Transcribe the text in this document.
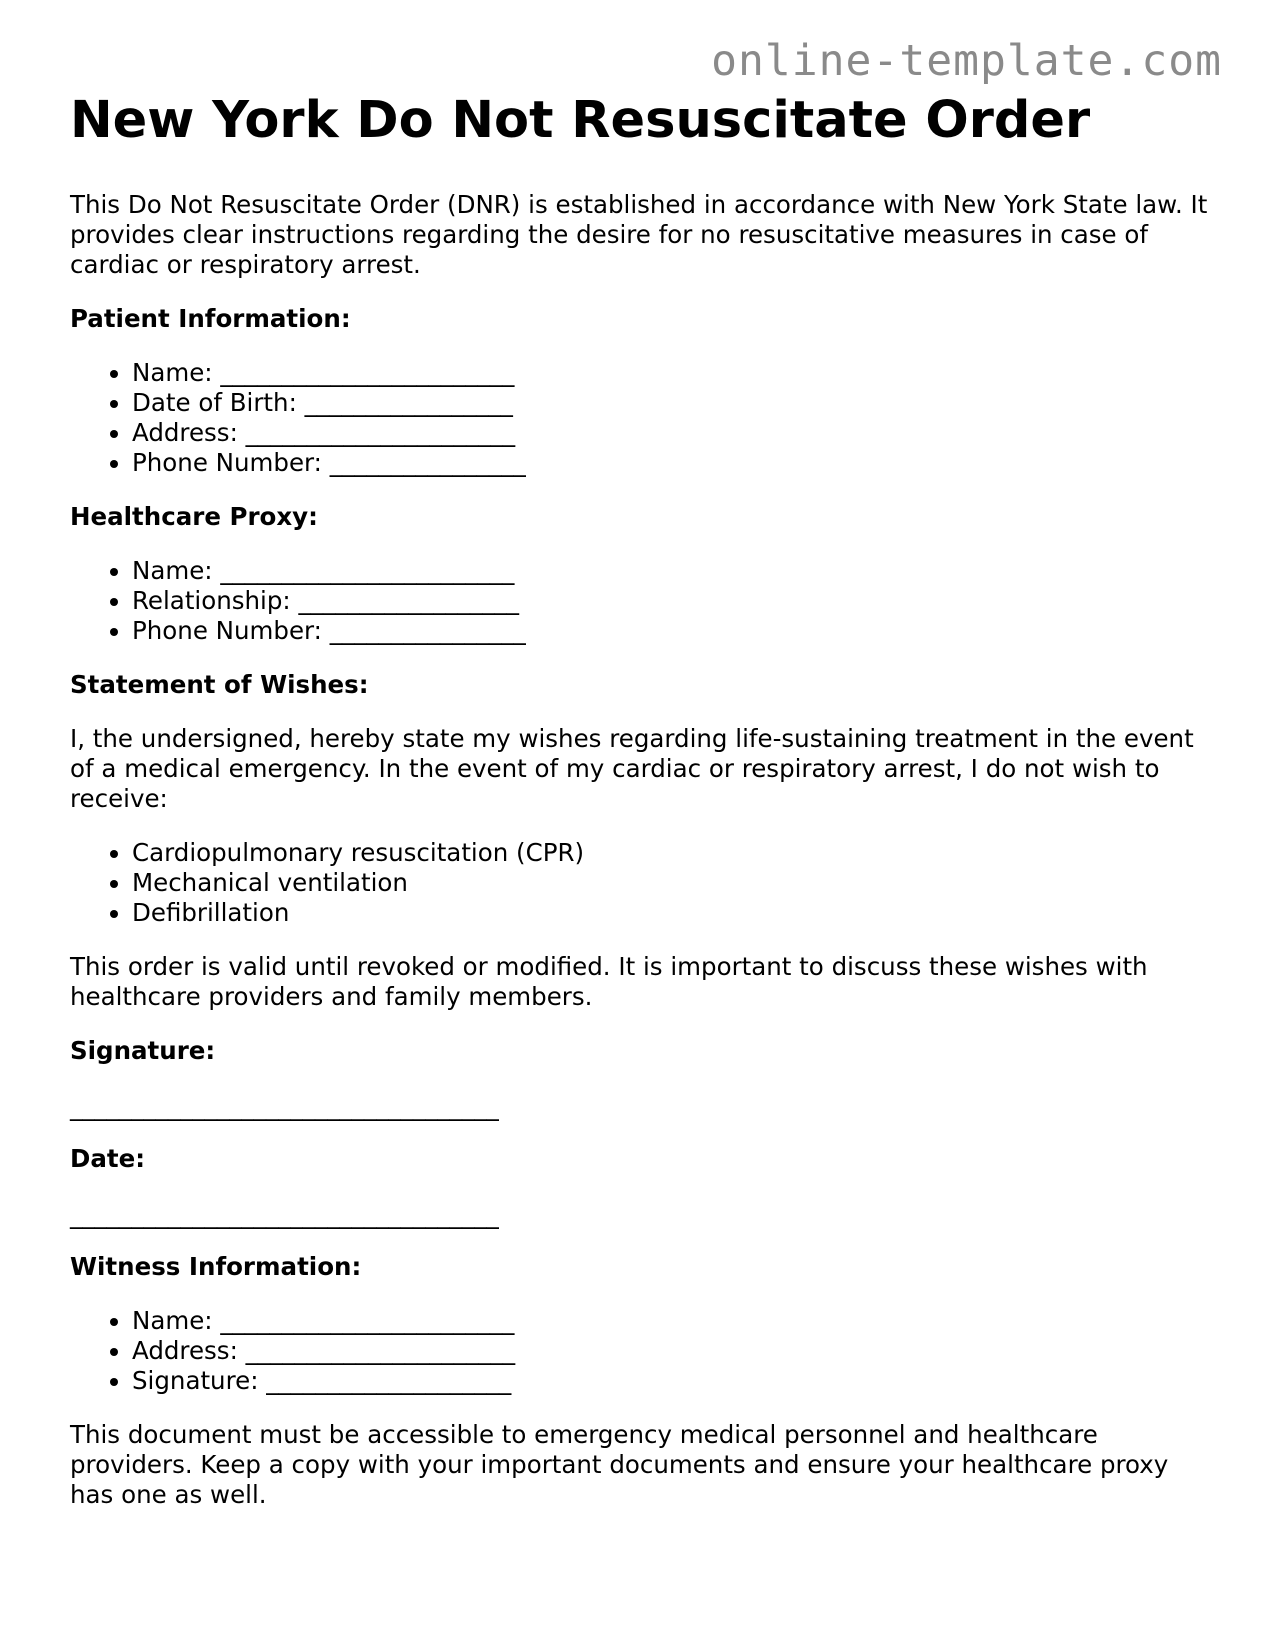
online-template.com
New York Do Not Resuscitate Order

This Do Not Resuscitate Order (DNR) is established in accordance with New York State law. It provides clear instructions regarding the desire for no resuscitative measures in case of cardiac or respiratory arrest.

Patient Information:
• Name: ________________________
• Date of Birth: _________________
• Address: ______________________
• Phone Number: ________________
Healthcare Proxy:
• Name: ________________________
• Relationship: __________________
• Phone Number: ________________
Statement of Wishes:

I, the undersigned, hereby state my wishes regarding life-sustaining treatment in the event of a medical emergency. In the event of my cardiac or respiratory arrest, I do not wish to receive:

• Cardiopulmonary resuscitation (CPR)
• Mechanical ventilation
• Defibrillation

This order is valid until revoked or modified. It is important to discuss these wishes with healthcare providers and family members.

Signature:
___________________________________
Date:
___________________________________
Witness Information:
• Name: ________________________
• Address: ______________________
• Signature: ____________________

This document must be accessible to emergency medical personnel and healthcare providers. Keep a copy with your important documents and ensure your healthcare proxy has one as well.
